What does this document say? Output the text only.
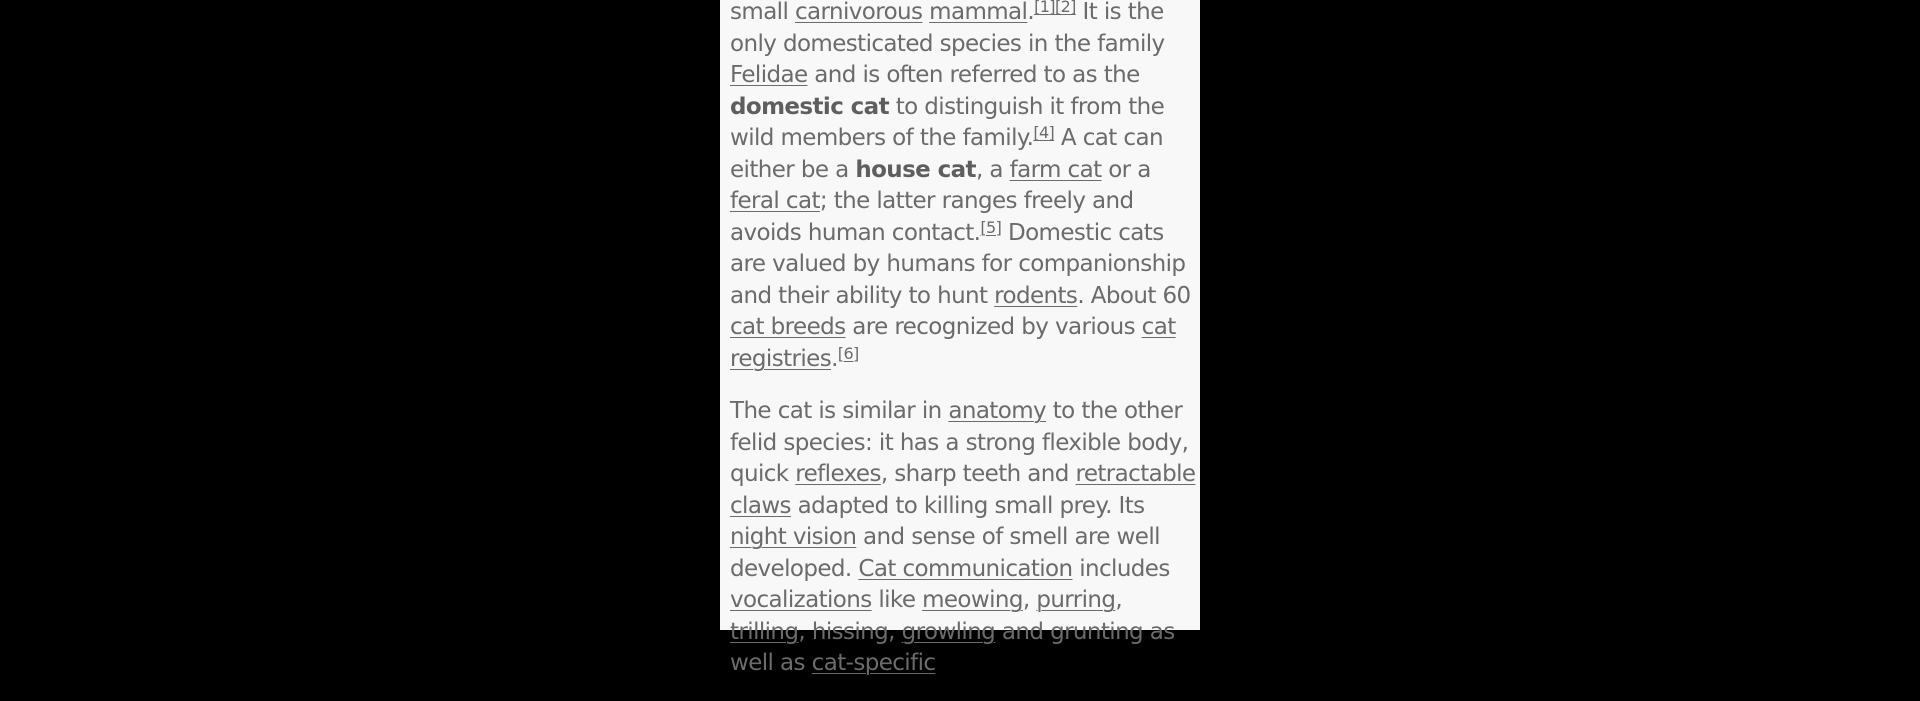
small carnivorous mammal.[1][2] It is the only domesticated species in the family Felidae and is often referred to as the domestic cat to distinguish it from the wild members of the family.[4] A cat can either be a house cat, a farm cat or a feral cat; the latter ranges freely and avoids human contact.[5] Domestic cats are valued by humans for companionship and their ability to hunt rodents. About 60 cat breeds are recognized by various cat registries.[6]

The cat is similar in anatomy to the other felid species: it has a strong flexible body, quick reflexes, sharp teeth and retractable claws adapted to killing small prey. Its night vision and sense of smell are well developed. Cat communication includes vocalizations like meowing, purring, trilling, hissing, growling and grunting as well as cat-specific
